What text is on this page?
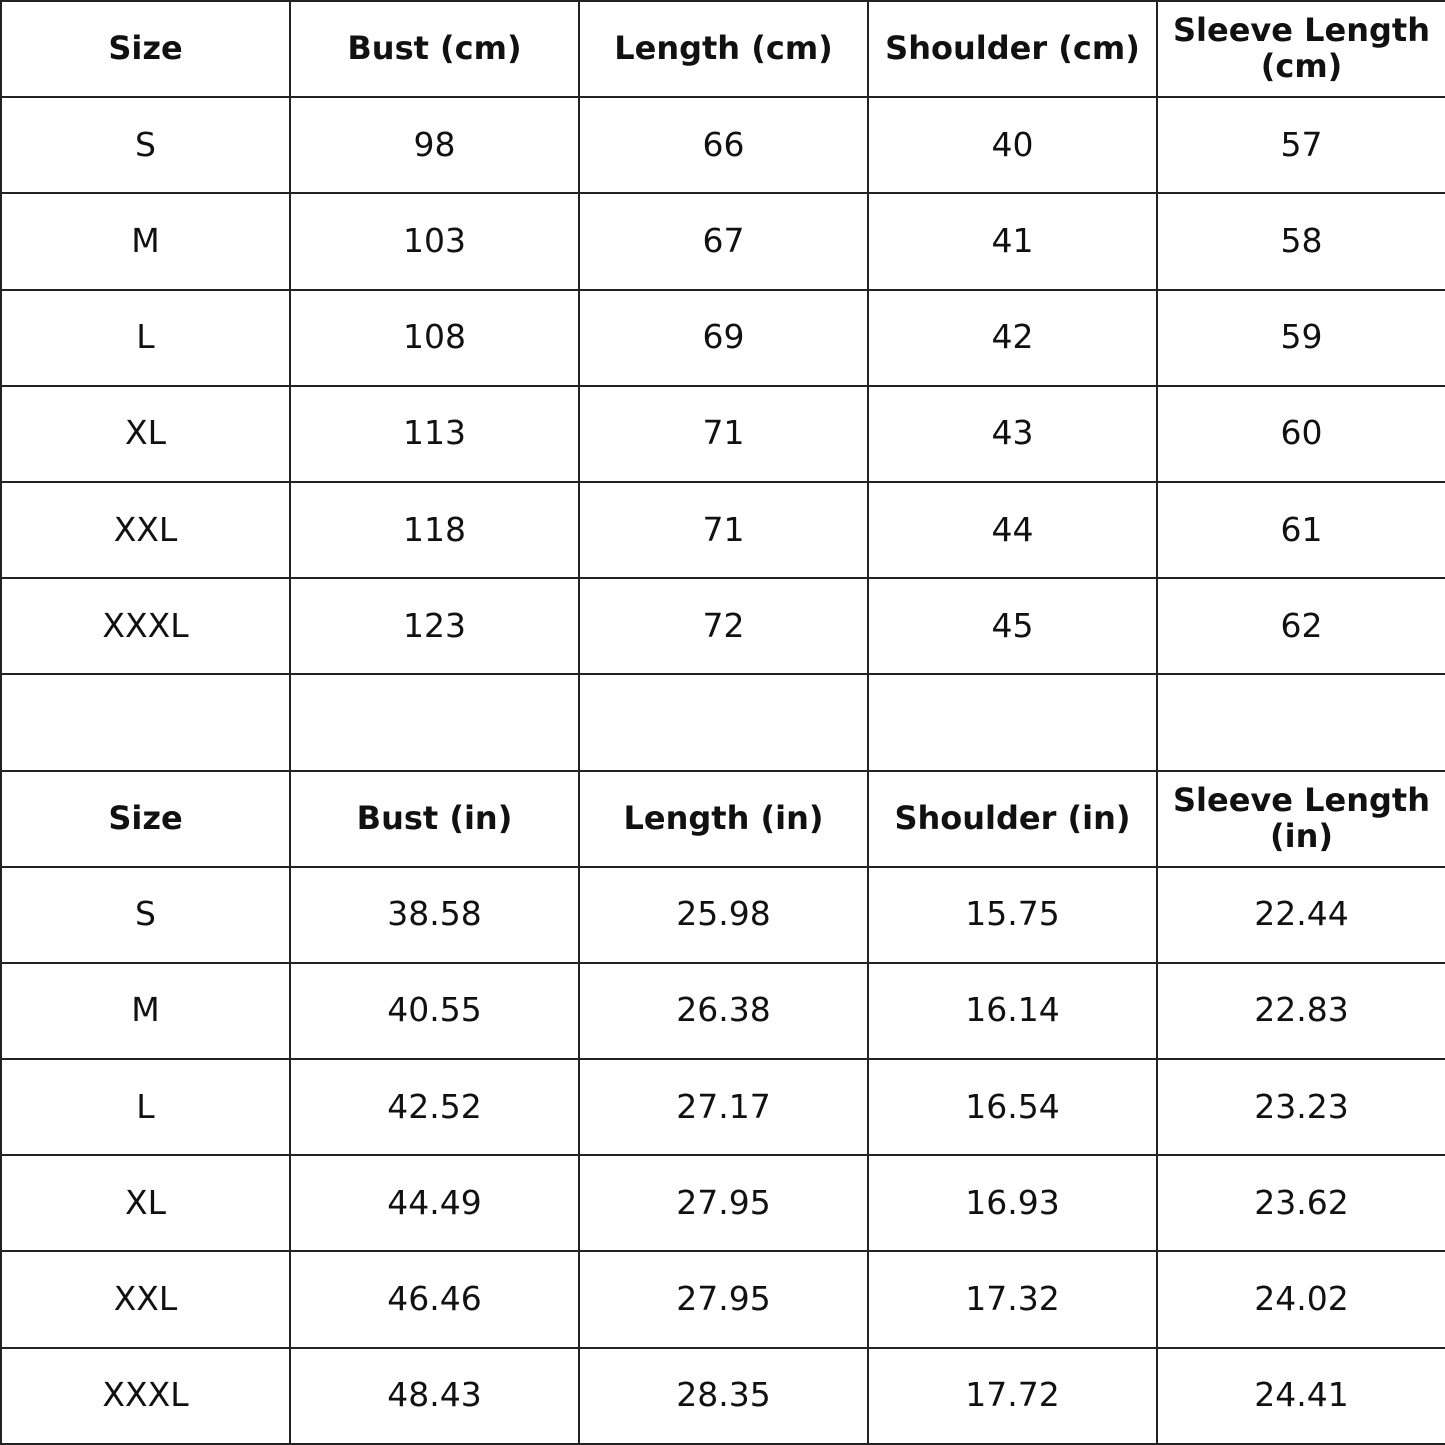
Size	Bust (cm)	Length (cm)	Shoulder (cm)	Sleeve Length (cm)
S	98	66	40	57
M	103	67	41	58
L	108	69	42	59
XL	113	71	43	60
XXL	118	71	44	61
XXXL	123	72	45	62

Size	Bust (in)	Length (in)	Shoulder (in)	Sleeve Length (in)
S	38.58	25.98	15.75	22.44
M	40.55	26.38	16.14	22.83
L	42.52	27.17	16.54	23.23
XL	44.49	27.95	16.93	23.62
XXL	46.46	27.95	17.32	24.02
XXXL	48.43	28.35	17.72	24.41
